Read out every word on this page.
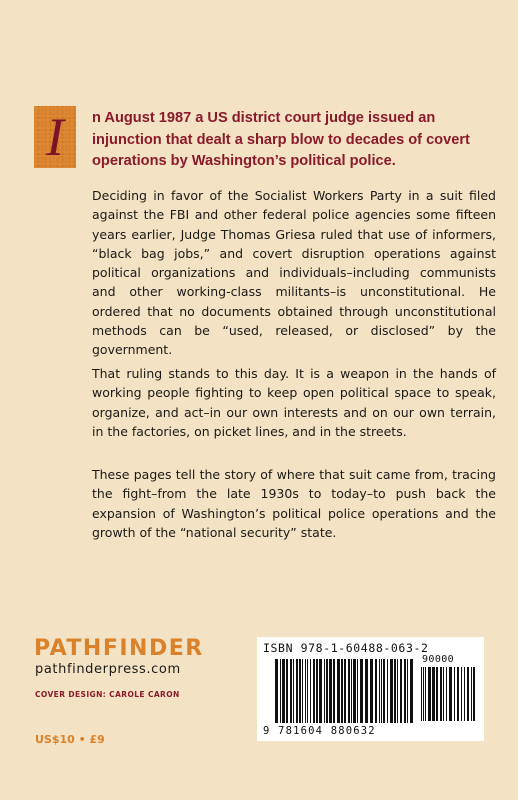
I	n August 1987 a US district court judge issued an injunction that dealt a sharp blow to decades of covert operations by Washington’s political police.

Deciding in favor of the Socialist Workers Party in a suit filed against the FBI and other federal police agencies some fifteen years earlier, Judge Thomas Griesa ruled that use of informers, “black bag jobs,” and covert disruption operations against political organizations and individuals–including communists and other working-class militants–is unconstitutional. He ordered that no documents obtained through unconstitutional methods can be “used, released, or disclosed” by the government.

That ruling stands to this day. It is a weapon in the hands of working people fighting to keep open political space to speak, organize, and act–in our own interests and on our own terrain, in the factories, on picket lines, and in the streets.

These pages tell the story of where that suit came from, tracing the fight–from the late 1930s to today–to push back the expansion of Washington’s political police operations and the growth of the “national security” state.

PATHFINDER
pathfinderpress.com
COVER DESIGN: CAROLE CARON
US$10 • £9
ISBN 978-1-60488-063-2
90000
9 781604 880632
